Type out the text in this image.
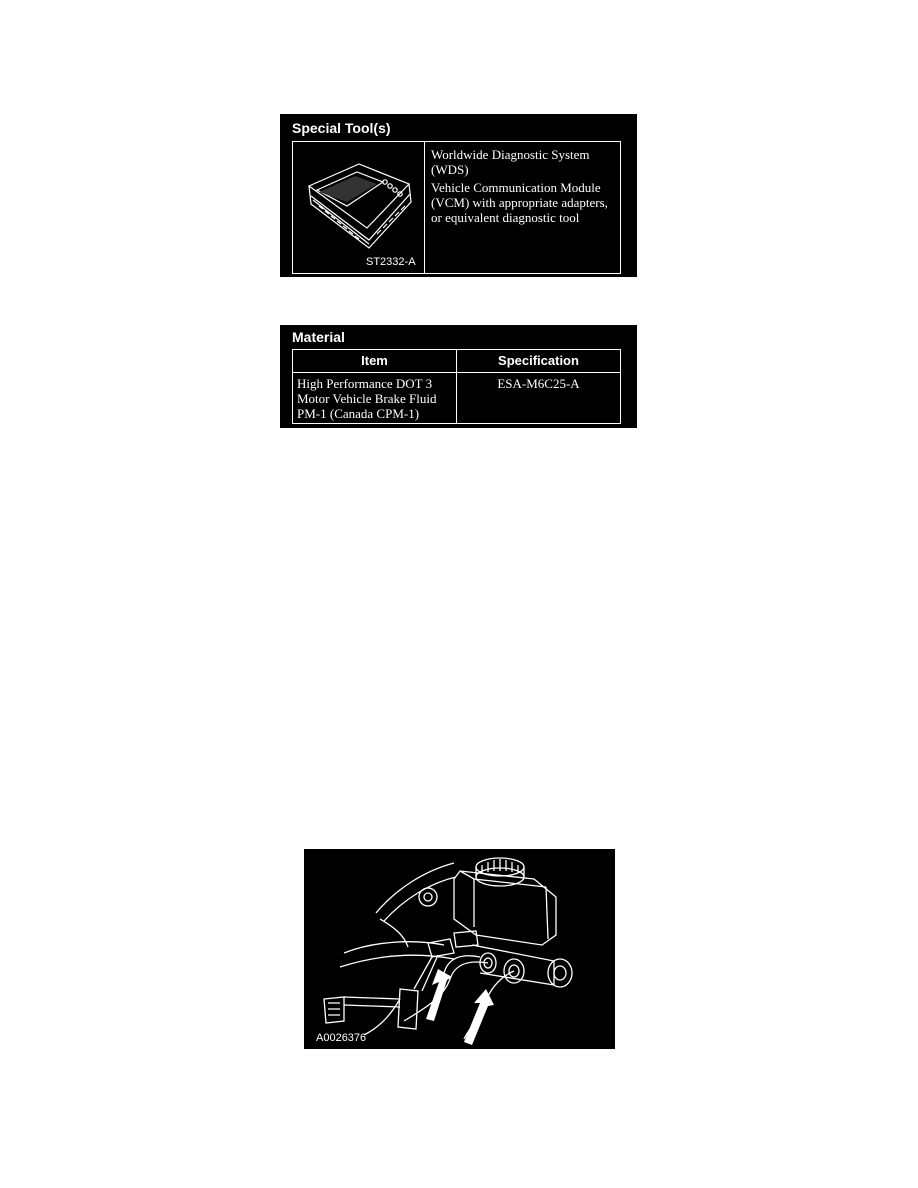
Special Tool(s)
ST2332-A

Worldwide Diagnostic System (WDS)

Vehicle Communication Module (VCM) with appropriate adapters, or equivalent diagnostic tool

Material
Item	Specification
High Performance DOT 3 Motor Vehicle Brake Fluid PM-1 (Canada CPM-1)
ESA-M6C25-A
A0026376
